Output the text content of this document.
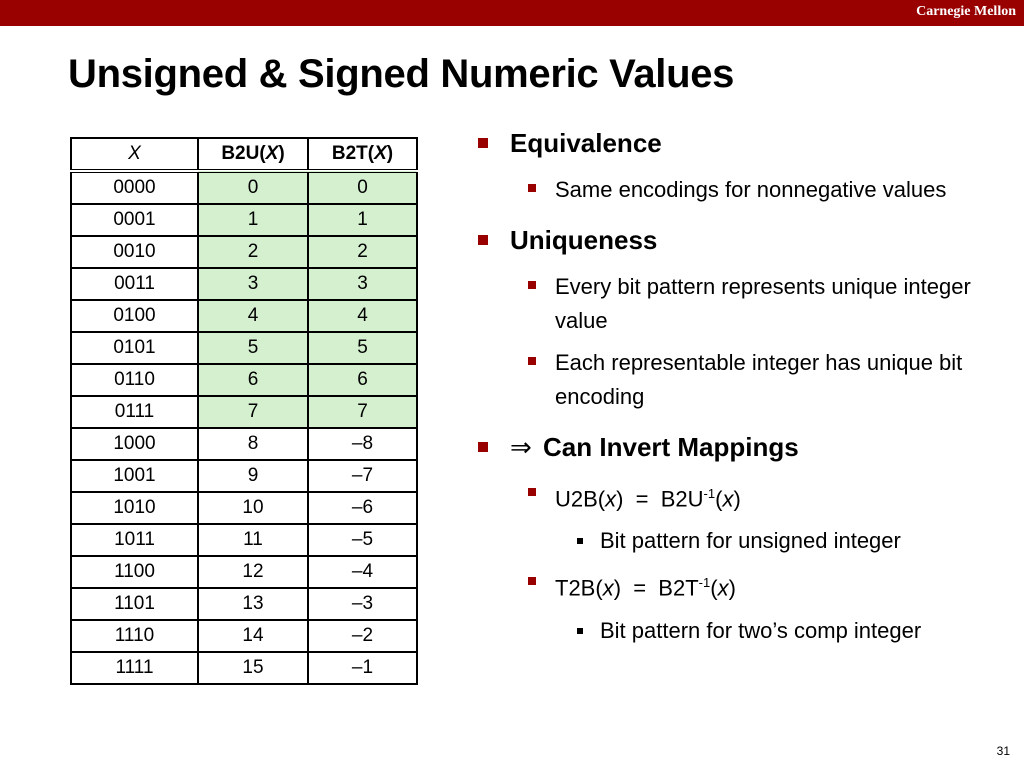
Carnegie Mellon
Unsigned & Signed Numeric Values
X	B2U(X)	B2T(X)
0000	0	0
0001	1	1
0010	2	2
0011	3	3
0100	4	4
0101	5	5
0110	6	6
0111	7	7
1000	8	–8
1001	9	–7
1010	10	–6
1011	11	–5
1100	12	–4
1101	13	–3
1110	14	–2
1111	15	–1
Equivalence
Same encodings for nonnegative values
Uniqueness
Every bit pattern represents unique integer value
Each representable integer has unique bit encoding
⇒ Can Invert Mappings
$U2B(x) = B2U^{-1}(x)$
Bit pattern for unsigned integer
$T2B(x) = B2T^{-1}(x)$
Bit pattern for two’s comp integer
31
